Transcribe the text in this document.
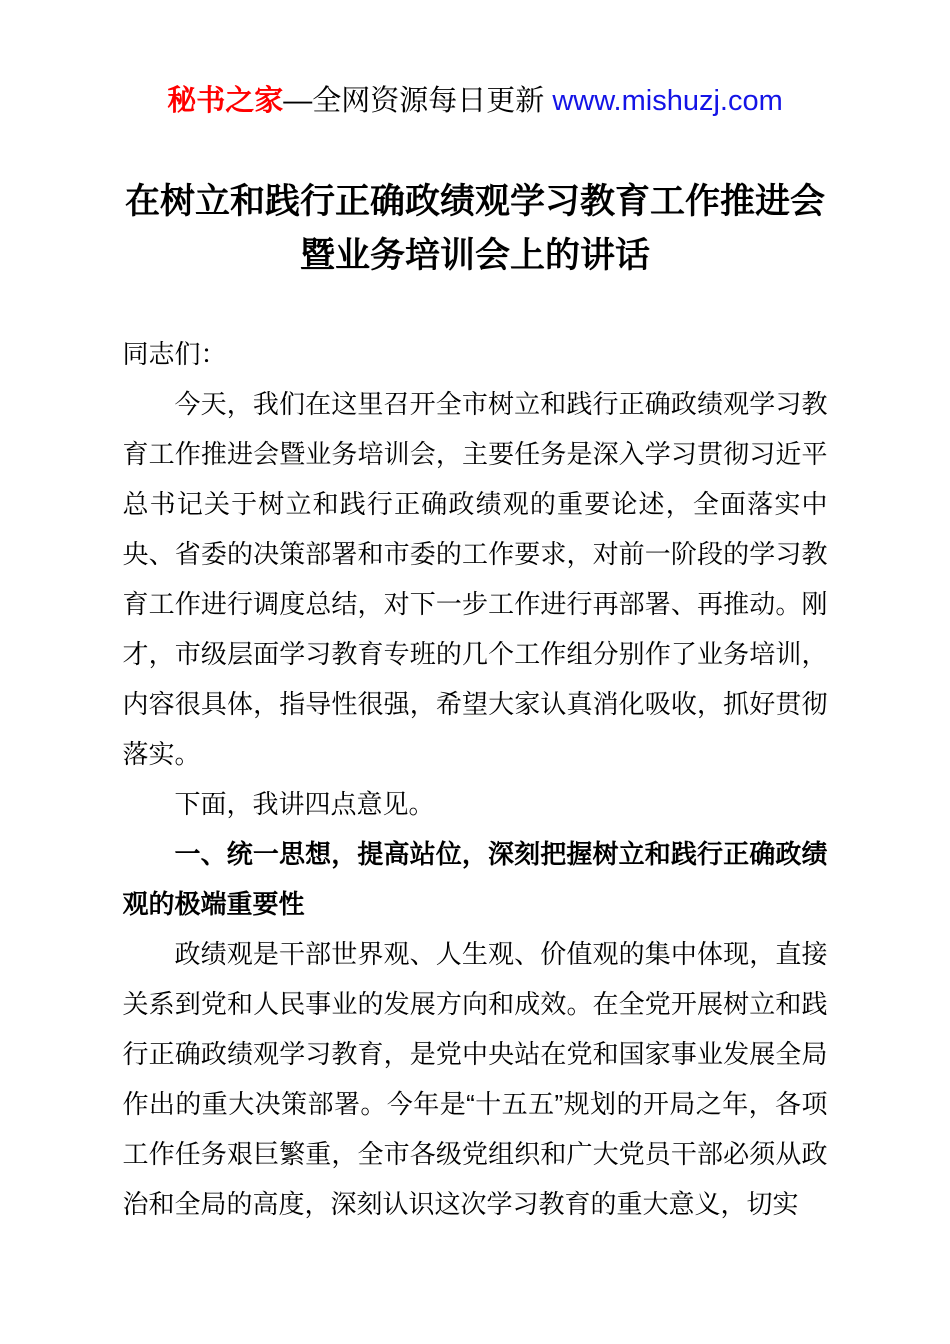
秘书之家—全网资源每日更新 www.mishuzj.com
在树立和践行正确政绩观学习教育工作推进会
暨业务培训会上的讲话

同志们：

今天，我们在这里召开全市树立和践行正确政绩观学习教育工作推进会暨业务培训会，主要任务是深入学习贯彻习近平总书记关于树立和践行正确政绩观的重要论述，全面落实中央、省委的决策部署和市委的工作要求，对前一阶段的学习教育工作进行调度总结，对下一步工作进行再部署、再推动。刚才，市级层面学习教育专班的几个工作组分别作了业务培训，内容很具体，指导性很强，希望大家认真消化吸收，抓好贯彻落实。

下面，我讲四点意见。

一、统一思想，提高站位，深刻把握树立和践行正确政绩观的极端重要性

政绩观是干部世界观、人生观、价值观的集中体现，直接关系到党和人民事业的发展方向和成效。在全党开展树立和践行正确政绩观学习教育，是党中央站在党和国家事业发展全局作出的重大决策部署。今年是“十五五”规划的开局之年，各项工作任务艰巨繁重，全市各级党组织和广大党员干部必须从政治和全局的高度，深刻认识这次学习教育的重大意义，切实
